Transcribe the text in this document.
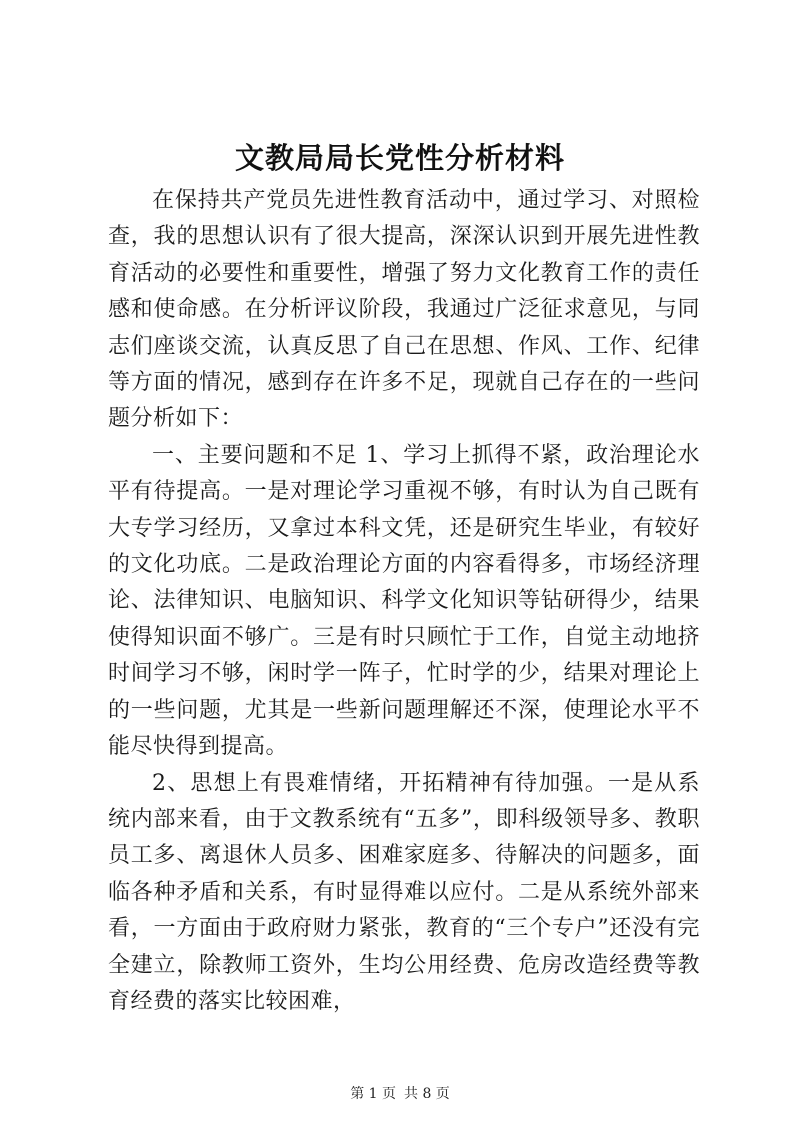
文教局局长党性分析材料

在保持共产党员先进性教育活动中，通过学习、对照检查，我的思想认识有了很大提高，深深认识到开展先进性教育活动的必要性和重要性，增强了努力文化教育工作的责任感和使命感。在分析评议阶段，我通过广泛征求意见，与同志们座谈交流，认真反思了自己在思想、作风、工作、纪律等方面的情况，感到存在许多不足，现就自己存在的一些问题分析如下：

一、主要问题和不足 1、学习上抓得不紧，政治理论水平有待提高。一是对理论学习重视不够，有时认为自己既有大专学习经历，又拿过本科文凭，还是研究生毕业，有较好的文化功底。二是政治理论方面的内容看得多，市场经济理论、法律知识、电脑知识、科学文化知识等钻研得少，结果使得知识面不够广。三是有时只顾忙于工作，自觉主动地挤时间学习不够，闲时学一阵子，忙时学的少，结果对理论上的一些问题，尤其是一些新问题理解还不深，使理论水平不能尽快得到提高。

2、思想上有畏难情绪，开拓精神有待加强。一是从系统内部来看，由于文教系统有“五多”，即科级领导多、教职员工多、离退休人员多、困难家庭多、待解决的问题多，面临各种矛盾和关系，有时显得难以应付。二是从系统外部来看，一方面由于政府财力紧张，教育的“三个专户”还没有完全建立，除教师工资外，生均公用经费、危房改造经费等教育经费的落实比较困难，

第 1 页 共 8 页
